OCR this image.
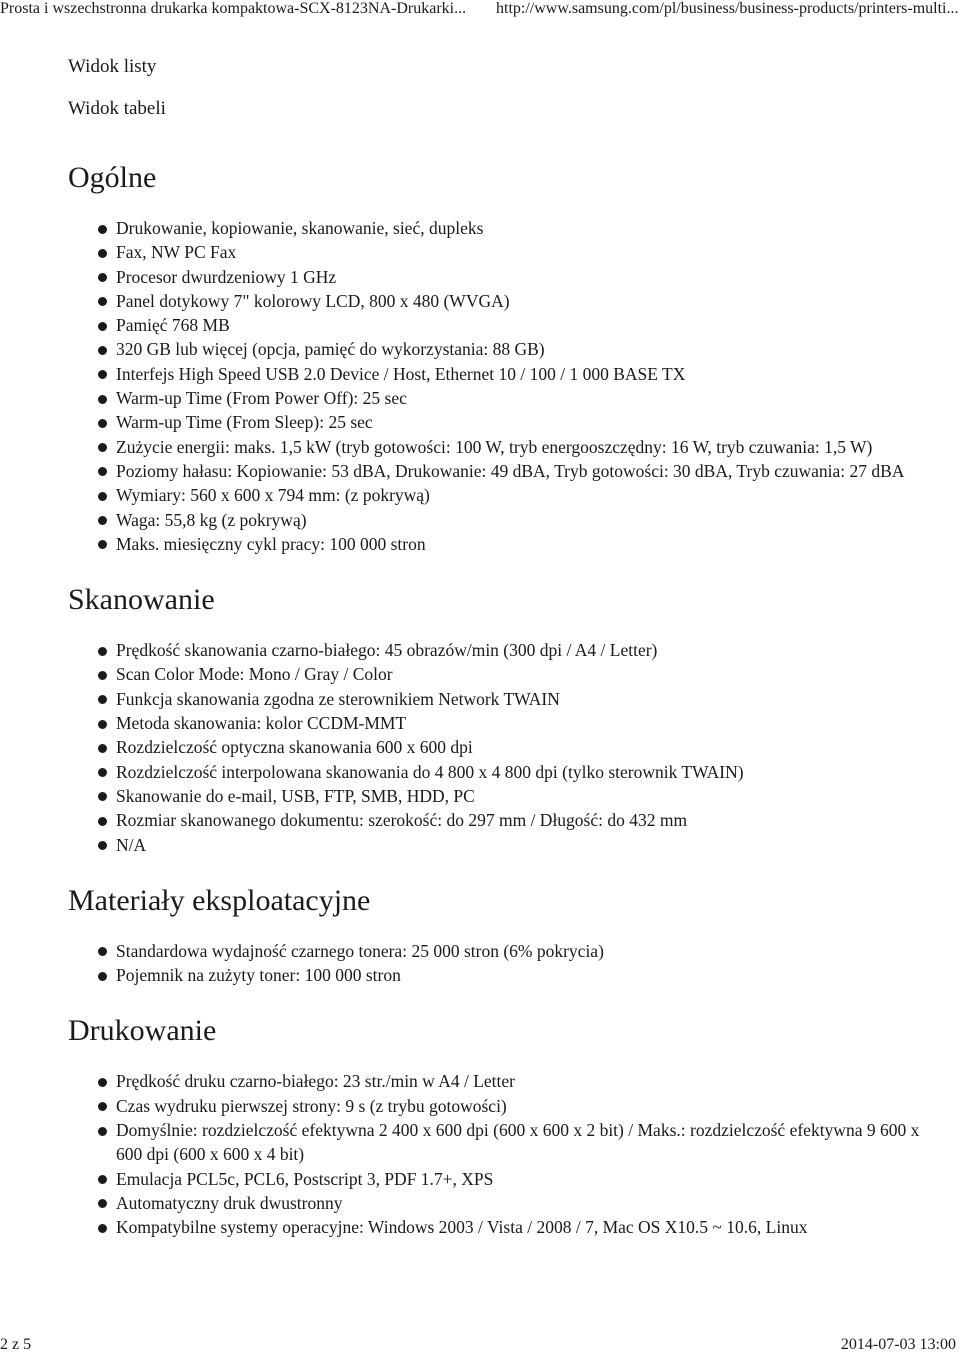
Prosta i wszechstronna drukarka kompaktowa-SCX-8123NA-Drukarki... http://www.samsung.com/pl/business/business-products/printers-multi...
Widok listy
Widok tabeli
Ogólne
Drukowanie, kopiowanie, skanowanie, sieć, dupleks
Fax, NW PC Fax
Procesor dwurdzeniowy 1 GHz
Panel dotykowy 7" kolorowy LCD, 800 x 480 (WVGA)
Pamięć 768 MB
320 GB lub więcej (opcja, pamięć do wykorzystania: 88 GB)
Interfejs High Speed USB 2.0 Device / Host, Ethernet 10 / 100 / 1 000 BASE TX
Warm-up Time (From Power Off): 25 sec
Warm-up Time (From Sleep): 25 sec
Zużycie energii: maks. 1,5 kW (tryb gotowości: 100 W, tryb energooszczędny: 16 W, tryb czuwania: 1,5 W)
Poziomy hałasu: Kopiowanie: 53 dBA, Drukowanie: 49 dBA, Tryb gotowości: 30 dBA, Tryb czuwania: 27 dBA
Wymiary: 560 x 600 x 794 mm: (z pokrywą)
Waga: 55,8 kg (z pokrywą)
Maks. miesięczny cykl pracy: 100 000 stron
Skanowanie
Prędkość skanowania czarno-białego: 45 obrazów/min (300 dpi / A4 / Letter)
Scan Color Mode: Mono / Gray / Color
Funkcja skanowania zgodna ze sterownikiem Network TWAIN
Metoda skanowania: kolor CCDM-MMT
Rozdzielczość optyczna skanowania 600 x 600 dpi
Rozdzielczość interpolowana skanowania do 4 800 x 4 800 dpi (tylko sterownik TWAIN)
Skanowanie do e-mail, USB, FTP, SMB, HDD, PC
Rozmiar skanowanego dokumentu: szerokość: do 297 mm / Długość: do 432 mm
N/A
Materiały eksploatacyjne
Standardowa wydajność czarnego tonera: 25 000 stron (6% pokrycia)
Pojemnik na zużyty toner: 100 000 stron
Drukowanie
Prędkość druku czarno-białego: 23 str./min w A4 / Letter
Czas wydruku pierwszej strony: 9 s (z trybu gotowości)
Domyślnie: rozdzielczość efektywna 2 400 x 600 dpi (600 x 600 x 2 bit) / Maks.: rozdzielczość efektywna 9 600 x 600 dpi (600 x 600 x 4 bit)
Emulacja PCL5c, PCL6, Postscript 3, PDF 1.7+, XPS
Automatyczny druk dwustronny
Kompatybilne systemy operacyjne: Windows 2003 / Vista / 2008 / 7, Mac OS X10.5 ~ 10.6, Linux
2 z 5	2014-07-03 13:00
